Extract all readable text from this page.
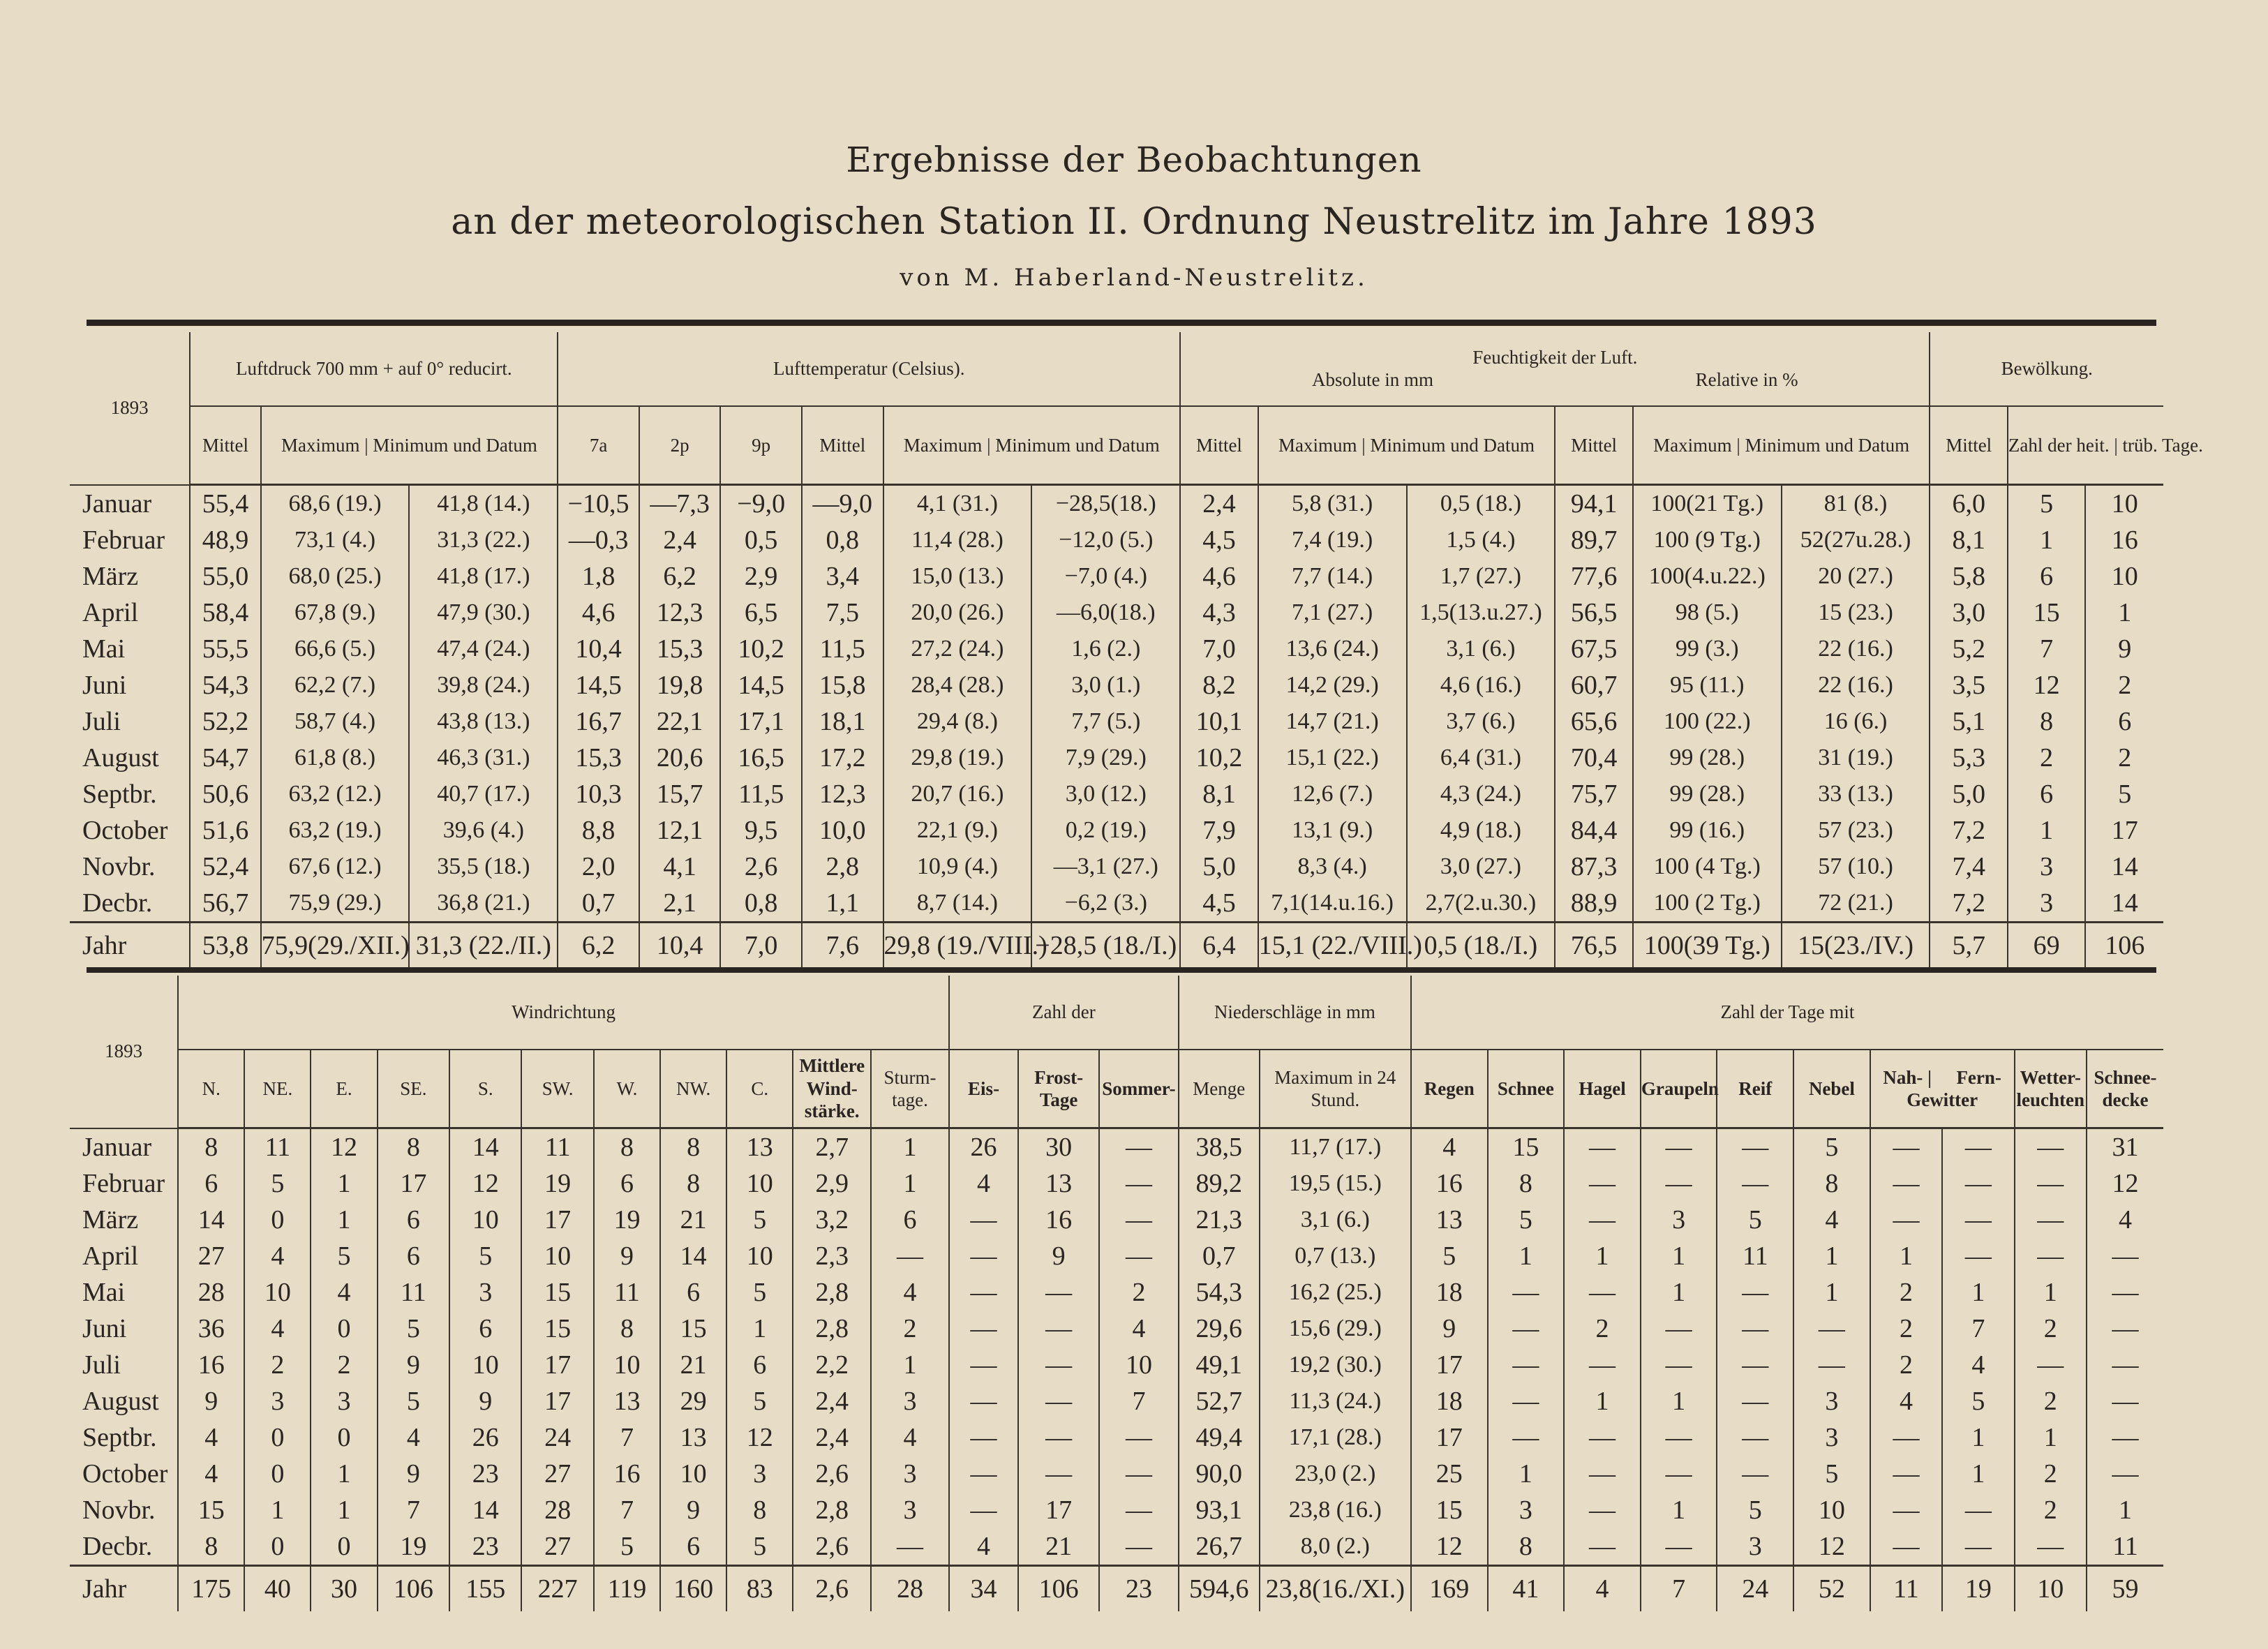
Ergebnisse der Beobachtungen
an der meteorologischen Station II. Ordnung Neustrelitz im Jahre 1893
von M. Haberland-Neustrelitz.
1893	Luftdruck 700 mm + auf 0° reducirt.			Lufttemperatur (Celsius).						Feuchtigkeit der Luft.
Absolute in mm Relative in %						Bewölkung.		
	Mittel	Maximum | Minimum und Datum		7a	2p	9p	Mittel	Maximum | Minimum und Datum		Mittel	Maximum | Minimum und Datum		Mittel	Maximum | Minimum und Datum		Mittel	Zahl der heit. | trüb. Tage.	
Januar	55,4	68,6 (19.)	41,8 (14.)	−10,5	—7,3	−9,0	—9,0	4,1 (31.)	−28,5(18.)	2,4	5,8 (31.)	0,5 (18.)	94,1	100(21 Tg.)	81 (8.)	6,0	5	10
Februar	48,9	73,1 (4.)	31,3 (22.)	—0,3	2,4	0,5	0,8	11,4 (28.)	−12,0 (5.)	4,5	7,4 (19.)	1,5 (4.)	89,7	100 (9 Tg.)	52(27u.28.)	8,1	1	16
März	55,0	68,0 (25.)	41,8 (17.)	1,8	6,2	2,9	3,4	15,0 (13.)	−7,0 (4.)	4,6	7,7 (14.)	1,7 (27.)	77,6	100(4.u.22.)	20 (27.)	5,8	6	10
April	58,4	67,8 (9.)	47,9 (30.)	4,6	12,3	6,5	7,5	20,0 (26.)	—6,0(18.)	4,3	7,1 (27.)	1,5(13.u.27.)	56,5	98 (5.)	15 (23.)	3,0	15	1
Mai	55,5	66,6 (5.)	47,4 (24.)	10,4	15,3	10,2	11,5	27,2 (24.)	1,6 (2.)	7,0	13,6 (24.)	3,1 (6.)	67,5	99 (3.)	22 (16.)	5,2	7	9
Juni	54,3	62,2 (7.)	39,8 (24.)	14,5	19,8	14,5	15,8	28,4 (28.)	3,0 (1.)	8,2	14,2 (29.)	4,6 (16.)	60,7	95 (11.)	22 (16.)	3,5	12	2
Juli	52,2	58,7 (4.)	43,8 (13.)	16,7	22,1	17,1	18,1	29,4 (8.)	7,7 (5.)	10,1	14,7 (21.)	3,7 (6.)	65,6	100 (22.)	16 (6.)	5,1	8	6
August	54,7	61,8 (8.)	46,3 (31.)	15,3	20,6	16,5	17,2	29,8 (19.)	7,9 (29.)	10,2	15,1 (22.)	6,4 (31.)	70,4	99 (28.)	31 (19.)	5,3	2	2
Septbr.	50,6	63,2 (12.)	40,7 (17.)	10,3	15,7	11,5	12,3	20,7 (16.)	3,0 (12.)	8,1	12,6 (7.)	4,3 (24.)	75,7	99 (28.)	33 (13.)	5,0	6	5
October	51,6	63,2 (19.)	39,6 (4.)	8,8	12,1	9,5	10,0	22,1 (9.)	0,2 (19.)	7,9	13,1 (9.)	4,9 (18.)	84,4	99 (16.)	57 (23.)	7,2	1	17
Novbr.	52,4	67,6 (12.)	35,5 (18.)	2,0	4,1	2,6	2,8	10,9 (4.)	—3,1 (27.)	5,0	8,3 (4.)	3,0 (27.)	87,3	100 (4 Tg.)	57 (10.)	7,4	3	14
Decbr.	56,7	75,9 (29.)	36,8 (21.)	0,7	2,1	0,8	1,1	8,7 (14.)	−6,2 (3.)	4,5	7,1(14.u.16.)	2,7(2.u.30.)	88,9	100 (2 Tg.)	72 (21.)	7,2	3	14
Jahr	53,8	75,9(29./XII.)	31,3 (22./II.)	6,2	10,4	7,0	7,6	29,8 (19./VIII.)	−28,5 (18./I.)	6,4	15,1 (22./VIII.)	0,5 (18./I.)	76,5	100(39 Tg.)	15(23./IV.)	5,7	69	106
1893	Windrichtung											Zahl der			Niederschläge in mm		Zahl der Tage mit									
	N.	NE.	E.	SE.	S.	SW.	W.	NW.	C.	Mittlere Wind-stärke.	Sturm-tage.	Eis-	Frost-Tage	Sommer-	Menge	Maximum in 24 Stund.	Regen	Schnee	Hagel	Graupeln	Reif	Nebel	Nah- | Fern-
Gewitter		Wetter-leuchten	Schnee-decke
Januar	8	11	12	8	14	11	8	8	13	2,7	1	26	30	—	38,5	11,7 (17.)	4	15	—	—	—	5	—	—	—	31
Februar	6	5	1	17	12	19	6	8	10	2,9	1	4	13	—	89,2	19,5 (15.)	16	8	—	—	—	8	—	—	—	12
März	14	0	1	6	10	17	19	21	5	3,2	6	—	16	—	21,3	3,1 (6.)	13	5	—	3	5	4	—	—	—	4
April	27	4	5	6	5	10	9	14	10	2,3	—	—	9	—	0,7	0,7 (13.)	5	1	1	1	11	1	1	—	—	—
Mai	28	10	4	11	3	15	11	6	5	2,8	4	—	—	2	54,3	16,2 (25.)	18	—	—	1	—	1	2	1	1	—
Juni	36	4	0	5	6	15	8	15	1	2,8	2	—	—	4	29,6	15,6 (29.)	9	—	2	—	—	—	2	7	2	—
Juli	16	2	2	9	10	17	10	21	6	2,2	1	—	—	10	49,1	19,2 (30.)	17	—	—	—	—	—	2	4	—	—
August	9	3	3	5	9	17	13	29	5	2,4	3	—	—	7	52,7	11,3 (24.)	18	—	1	1	—	3	4	5	2	—
Septbr.	4	0	0	4	26	24	7	13	12	2,4	4	—	—	—	49,4	17,1 (28.)	17	—	—	—	—	3	—	1	1	—
October	4	0	1	9	23	27	16	10	3	2,6	3	—	—	—	90,0	23,0 (2.)	25	1	—	—	—	5	—	1	2	—
Novbr.	15	1	1	7	14	28	7	9	8	2,8	3	—	17	—	93,1	23,8 (16.)	15	3	—	1	5	10	—	—	2	1
Decbr.	8	0	0	19	23	27	5	6	5	2,6	—	4	21	—	26,7	8,0 (2.)	12	8	—	—	3	12	—	—	—	11
Jahr	175	40	30	106	155	227	119	160	83	2,6	28	34	106	23	594,6	23,8(16./XI.)	169	41	4	7	24	52	11	19	10	59
